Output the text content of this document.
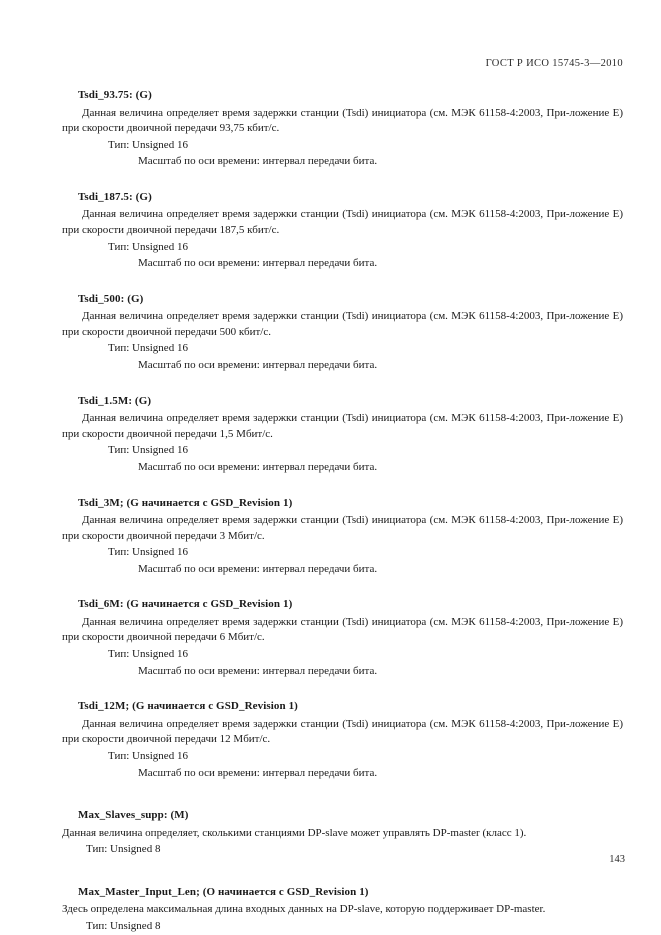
ГОСТ Р ИСО 15745-3—2010

Tsdi_93.75: (G)

Данная величина определяет время задержки станции (Tsdi) инициатора (см. МЭК 61158-4:2003, При-ложение Е) при скорости двоичной передачи 93,75 кбит/с.

Тип: Unsigned 16

Масштаб по оси времени: интервал передачи бита.

Tsdi_187.5: (G)

Данная величина определяет время задержки станции (Tsdi) инициатора (см. МЭК 61158-4:2003, При-ложение Е) при скорости двоичной передачи 187,5 кбит/с.

Тип: Unsigned 16

Масштаб по оси времени: интервал передачи бита.

Tsdi_500: (G)

Данная величина определяет время задержки станции (Tsdi) инициатора (см. МЭК 61158-4:2003, При-ложение Е) при скорости двоичной передачи 500 кбит/с.

Тип: Unsigned 16

Масштаб по оси времени: интервал передачи бита.

Tsdi_1.5M: (G)

Данная величина определяет время задержки станции (Tsdi) инициатора (см. МЭК 61158-4:2003, При-ложение Е) при скорости двоичной передачи 1,5 Мбит/с.

Тип: Unsigned 16

Масштаб по оси времени: интервал передачи бита.

Tsdi_3M; (G начинается с GSD_Revision 1)

Данная величина определяет время задержки станции (Tsdi) инициатора (см. МЭК 61158-4:2003, При-ложение Е) при скорости двоичной передачи 3 Мбит/с.

Тип: Unsigned 16

Масштаб по оси времени: интервал передачи бита.

Tsdi_6M: (G начинается с GSD_Revision 1)

Данная величина определяет время задержки станции (Tsdi) инициатора (см. МЭК 61158-4:2003, При-ложение Е) при скорости двоичной передачи 6 Мбит/с.

Тип: Unsigned 16

Масштаб по оси времени: интервал передачи бита.

Tsdi_12M; (G начинается с GSD_Revision 1)

Данная величина определяет время задержки станции (Tsdi) инициатора (см. МЭК 61158-4:2003, При-ложение Е) при скорости двоичной передачи 12 Мбит/с.

Тип: Unsigned 16

Масштаб по оси времени: интервал передачи бита.

Max_Slaves_supp: (M)

Данная величина определяет, сколькими станциями DP-slave может управлять DP-master (класс 1).

Тип: Unsigned 8

Max_Master_Input_Len; (О начинается с GSD_Revision 1)

Здесь определена максимальная длина входных данных на DP-slave, которую поддерживает DP-master.

Тип: Unsigned 8

143
